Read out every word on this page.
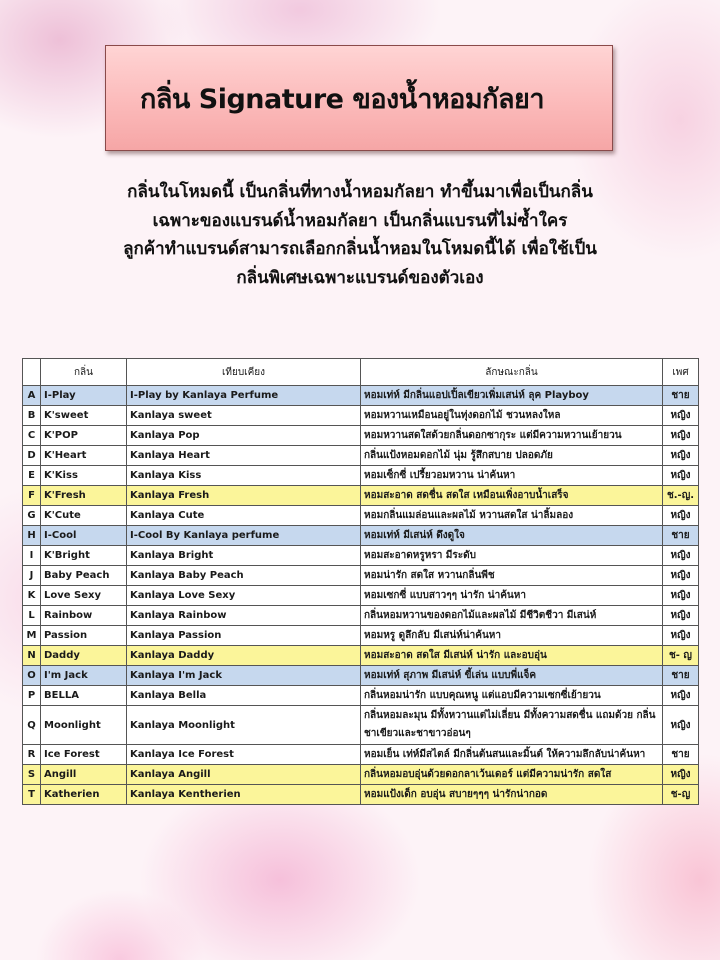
กลิ่น Signature ของน้ำหอมกัลยา
กลิ่นในโหมดนี้ เป็นกลิ่นที่ทางน้ำหอมกัลยา ทำขึ้นมาเพื่อเป็นกลิ่น
เฉพาะของแบรนด์น้ำหอมกัลยา เป็นกลิ่นแบรนที่ไม่ซ้ำใคร
ลูกค้าทำแบรนด์สามารถเลือกกลิ่นน้ำหอมในโหมดนี้ได้ เพื่อใช้เป็น
กลิ่นพิเศษเฉพาะแบรนด์ของตัวเอง
	กลิ่น	เทียบเคียง	ลักษณะกลิ่น	เพศ
A	I-Play	I-Play by Kanlaya Perfume	หอมเท่ห์ มีกลิ่นแอปเปิ้ลเขียวเพิ่มเสน่ห์ ลุค Playboy	ชาย
B	K'sweet	Kanlaya sweet	หอมหวานเหมือนอยู่ในทุ่งดอกไม้ ชวนหลงใหล	หญิง
C	K'POP	Kanlaya Pop	หอมหวานสดใสด้วยกลิ่นดอกซากุระ แต่มีความหวานเย้ายวน	หญิง
D	K'Heart	Kanlaya Heart	กลิ่นแป้งหอมดอกไม้ นุ่ม รู้สึกสบาย ปลอดภัย	หญิง
E	K'Kiss	Kanlaya Kiss	หอมเซ็กซี่ เปรี้ยวอมหวาน น่าค้นหา	หญิง
F	K'Fresh	Kanlaya Fresh	หอมสะอาด สดชื่น สดใส เหมือนเพิ่งอาบน้ำเสร็จ	ช.-ญ.
G	K'Cute	Kanlaya Cute	หอมกลิ่นแมล่อนและผลไม้ หวานสดใส น่าลิ้มลอง	หญิง
H	I-Cool	I-Cool By Kanlaya perfume	หอมเท่ห์ มีเสน่ห์ ดึงดูใจ	ชาย
I	K'Bright	Kanlaya Bright	หอมสะอาดหรูหรา มีระดับ	หญิง
J	Baby Peach	Kanlaya Baby Peach	หอมน่ารัก สดใส หวานกลิ่นพีช	หญิง
K	Love Sexy	Kanlaya Love Sexy	หอมเซกซี่ แบบสาวๆๆ น่ารัก น่าค้นหา	หญิง
L	Rainbow	Kanlaya Rainbow	กลิ่นหอมหวานของดอกไม้และผลไม้ มีชีวิตชีวา มีเสน่ห์	หญิง
M	Passion	Kanlaya Passion	หอมหรู ดูลึกลับ มีเสน่ห์น่าค้นหา	หญิง
N	Daddy	Kanlaya Daddy	หอมสะอาด สดใส มีเสน่ห์ น่ารัก และอบอุ่น	ช- ญ
O	I'm Jack	Kanlaya I'm Jack	หอมเท่ห์ สุภาพ มีเสน่ห์ ขี้เล่น แบบพี่แจ็ค	ชาย
P	BELLA	Kanlaya Bella	กลิ่นหอมน่ารัก แบบคุณหนู แต่แอบมีความเซกซี่เย้ายวน	หญิง
Q	Moonlight	Kanlaya Moonlight	กลิ่นหอมละมุน มีทั้งหวานแต่ไม่เลี่ยน มีทั้งความสดชื่น แถมด้วย กลิ่นชาเขียวและชาขาวอ่อนๆ	หญิง
R	Ice Forest	Kanlaya Ice Forest	หอมเย็น เท่ห์มีสไตล์ มีกลิ่นต้นสนและมิ้นต์ ให้ความลึกลับน่าค้นหา	ชาย
S	Angill	Kanlaya Angill	กลิ่นหอมอบอุ่นด้วยดอกลาเว้นเดอร์ แต่มีความน่ารัก สดใส	หญิง
T	Katherien	Kanlaya Kentherien	หอมแป้งเด็ก อบอุ่น สบายๆๆๆ น่ารักน่ากอด	ช-ญ
